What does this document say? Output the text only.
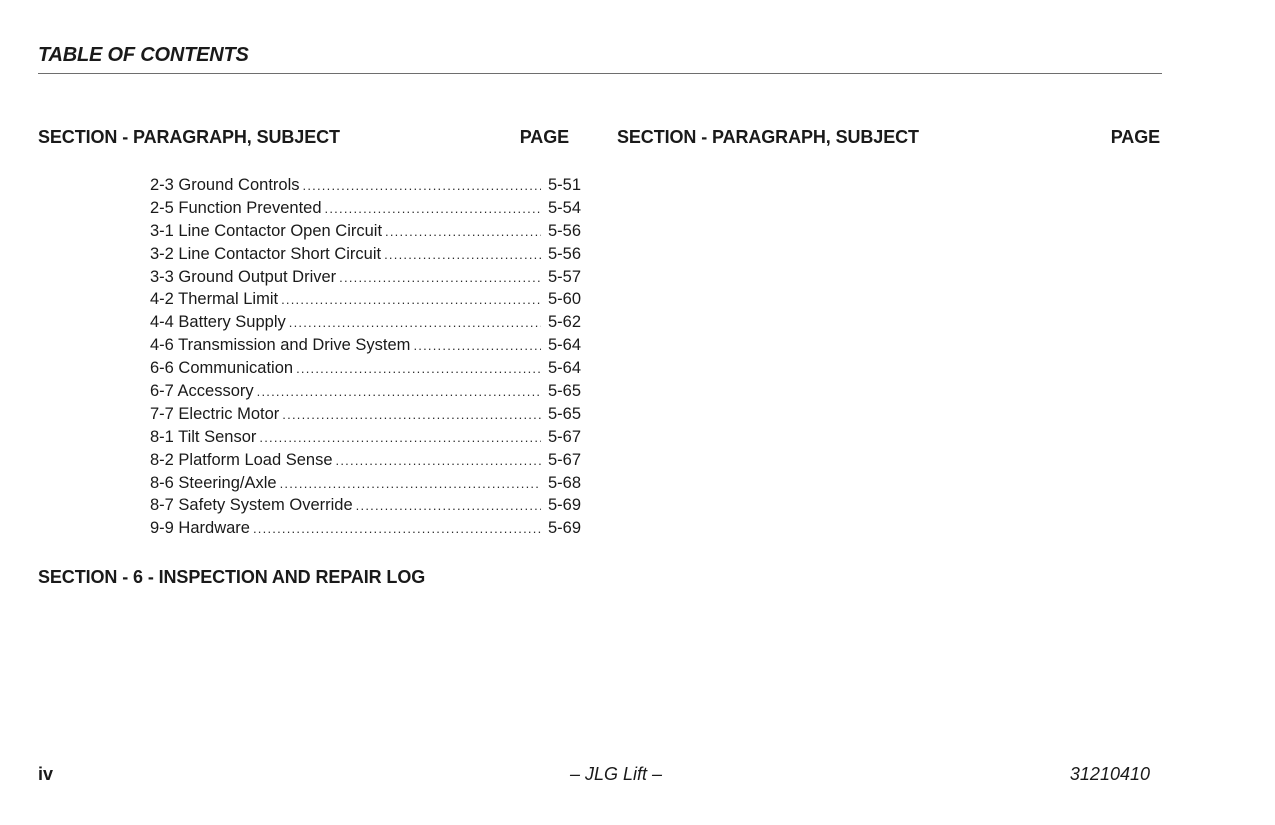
TABLE OF CONTENTS
SECTION - PARAGRAPH, SUBJECT	PAGE	SECTION - PARAGRAPH, SUBJECT	PAGE
2-3 Ground Controls . . .	5-51
2-5 Function Prevented . . .	5-54
3-1 Line Contactor Open Circuit . . .	5-56
3-2 Line Contactor Short Circuit . . .	5-56
3-3 Ground Output Driver . . .	5-57
4-2 Thermal Limit . . .	5-60
4-4 Battery Supply . . .	5-62
4-6 Transmission and Drive System . . .	5-64
6-6 Communication . . .	5-64
6-7 Accessory . . .	5-65
7-7 Electric Motor . . .	5-65
8-1 Tilt Sensor . . .	5-67
8-2 Platform Load Sense . . .	5-67
8-6 Steering/Axle . . .	5-68
8-7 Safety System Override . . .	5-69
9-9 Hardware . . .	5-69
SECTION - 6 - INSPECTION AND REPAIR LOG
iv	– JLG Lift –	31210410
